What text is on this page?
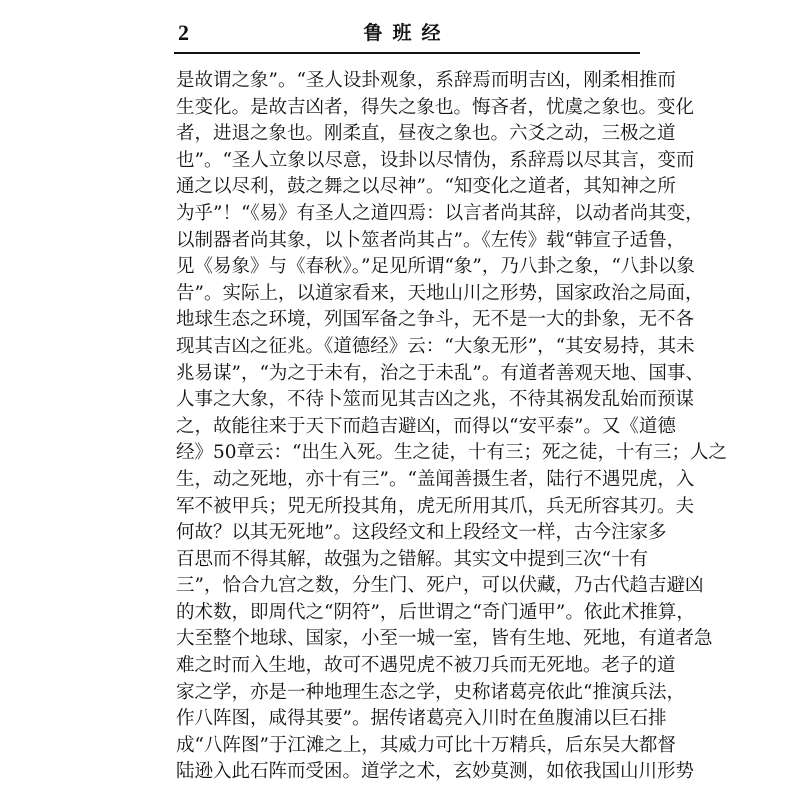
2	鲁班经
是故谓之象”。“圣人设卦观象，系辞焉而明吉凶，刚柔相推而
生变化。是故吉凶者，得失之象也。悔吝者，忧虞之象也。变化
者，进退之象也。刚柔直，昼夜之象也。六爻之动，三极之道
也”。“圣人立象以尽意，设卦以尽情伪，系辞焉以尽其言，变而
通之以尽利，鼓之舞之以尽神”。“知变化之道者，其知神之所
为乎”！“《易》有圣人之道四焉：以言者尚其辞，以动者尚其变，
以制器者尚其象，以卜筮者尚其占”。《左传》载“韩宣子适鲁，
见《易象》与《春秋》。”足见所谓“象”，乃八卦之象，“八卦以象
告”。实际上，以道家看来，天地山川之形势，国家政治之局面，
地球生态之环境，列国军备之争斗，无不是一大的卦象，无不各
现其吉凶之征兆。《道德经》云：“大象无形”，“其安易持，其未
兆易谋”，“为之于未有，治之于未乱”。有道者善观天地、国事、
人事之大象，不待卜筮而见其吉凶之兆，不待其祸发乱始而预谋
之，故能往来于天下而趋吉避凶，而得以“安平泰”。又《道德
经》50章云：“出生入死。生之徒，十有三；死之徒，十有三；人之
生，动之死地，亦十有三”。“盖闻善摄生者，陆行不遇兕虎，入
军不被甲兵；兕无所投其角，虎无所用其爪，兵无所容其刃。夫
何故？以其无死地”。这段经文和上段经文一样，古今注家多
百思而不得其解，故强为之错解。其实文中提到三次“十有
三”，恰合九宫之数，分生门、死户，可以伏藏，乃古代趋吉避凶
的术数，即周代之“阴符”，后世谓之“奇门遁甲”。依此术推算，
大至整个地球、国家，小至一城一室，皆有生地、死地，有道者急
难之时而入生地，故可不遇兕虎不被刀兵而无死地。老子的道
家之学，亦是一种地理生态之学，史称诸葛亮依此“推演兵法，
作八阵图，咸得其要”。据传诸葛亮入川时在鱼腹浦以巨石排
成“八阵图”于江滩之上，其威力可比十万精兵，后东吴大都督
陆逊入此石阵而受困。道学之术，玄妙莫测，如依我国山川形势
